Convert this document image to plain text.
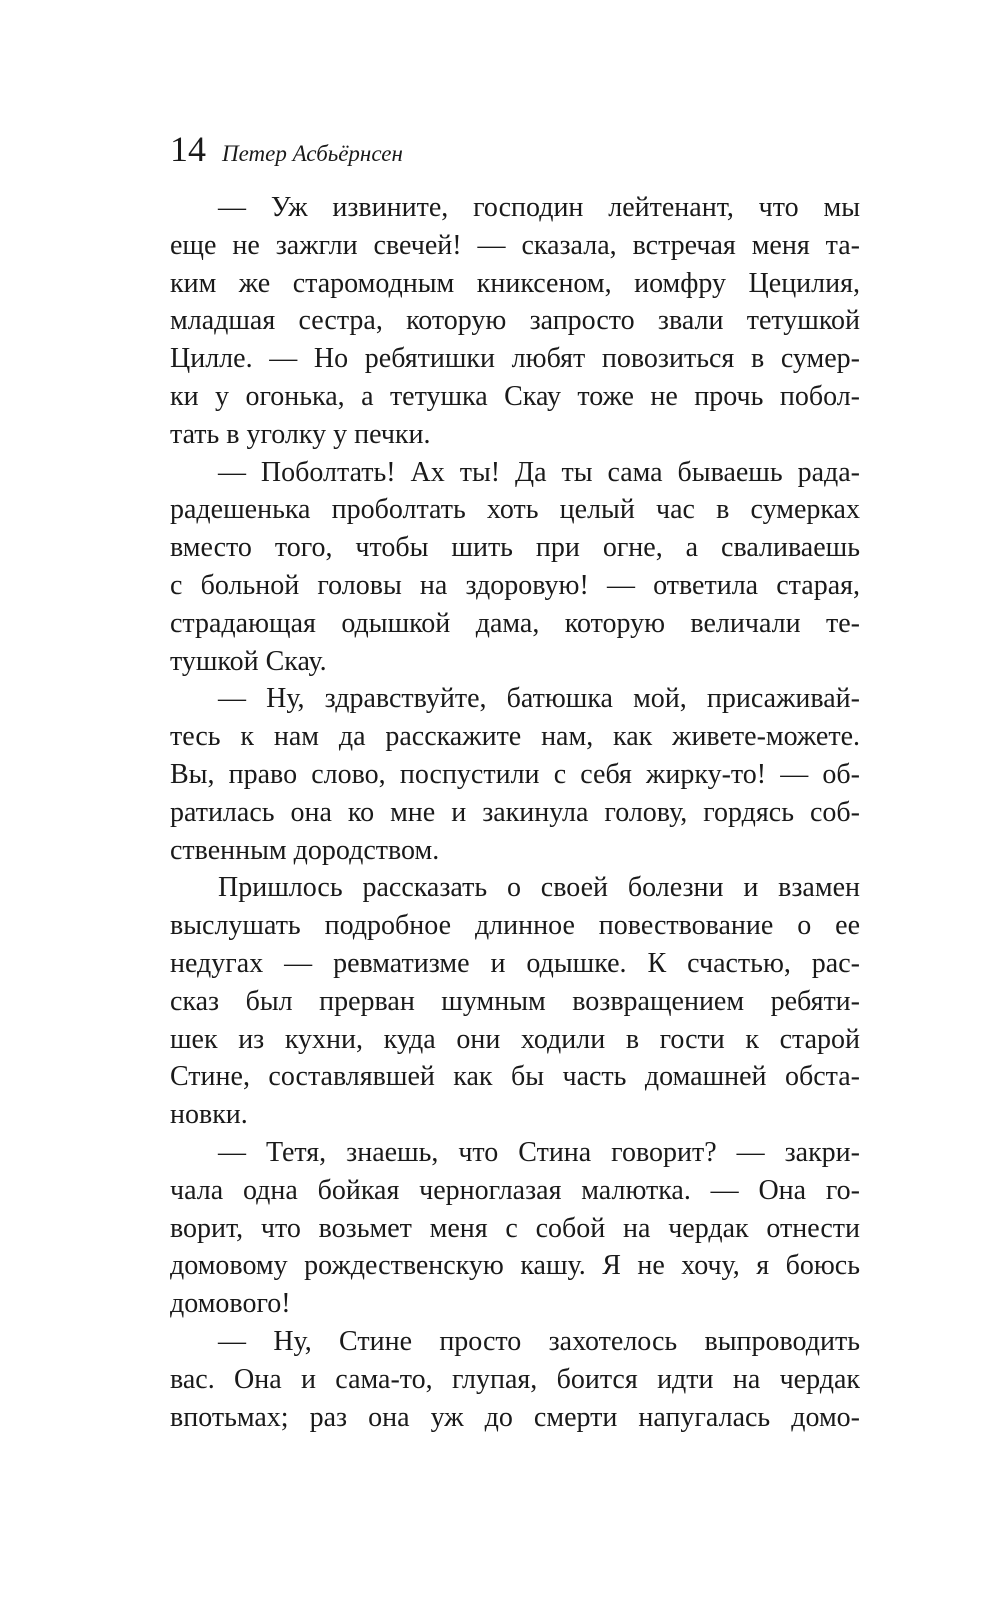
14 Петер Асбьёрнсен
— Уж извините, господин лейтенант, что мы
еще не зажгли свечей! — сказала, встречая меня та-
ким же старомодным книксеном, иомфру Цецилия,
младшая сестра, которую запросто звали тетушкой
Цилле. — Но ребятишки любят повозиться в сумер-
ки у огонька, а тетушка Скау тоже не прочь побол-
тать в уголку у печки.
— Поболтать! Ах ты! Да ты сама бываешь рада-
радешенька проболтать хоть целый час в сумерках
вместо того, чтобы шить при огне, а сваливаешь
с больной головы на здоровую! — ответила старая,
страдающая одышкой дама, которую величали те-
тушкой Скау.
— Ну, здравствуйте, батюшка мой, присаживай-
тесь к нам да расскажите нам, как живете-можете.
Вы, право слово, поспустили с себя жирку-то! — об-
ратилась она ко мне и закинула голову, гордясь соб-
ственным дородством.
Пришлось рассказать о своей болезни и взамен
выслушать подробное длинное повествование о ее
недугах — ревматизме и одышке. К счастью, рас-
сказ был прерван шумным возвращением ребяти-
шек из кухни, куда они ходили в гости к старой
Стине, составлявшей как бы часть домашней обста-
новки.
— Тетя, знаешь, что Стина говорит? — закри-
чала одна бойкая черноглазая малютка. — Она го-
ворит, что возьмет меня с собой на чердак отнести
домовому рождественскую кашу. Я не хочу, я боюсь
домового!
— Ну, Стине просто захотелось выпроводить
вас. Она и сама-то, глупая, боится идти на чердак
впотьмах; раз она уж до смерти напугалась домо-
